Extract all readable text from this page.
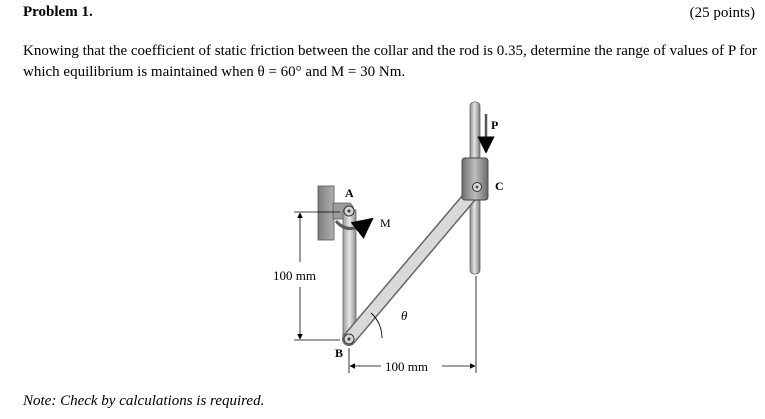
Problem 1.	(25 points)
Knowing that the coefficient of static friction between the collar and the rod is 0.35, determine the range of values of P for which equilibrium is maintained when θ = 60° and M = 30 Nm.
A
B
C
P
M
θ
100 mm
100 mm
Note: Check by calculations is required.
